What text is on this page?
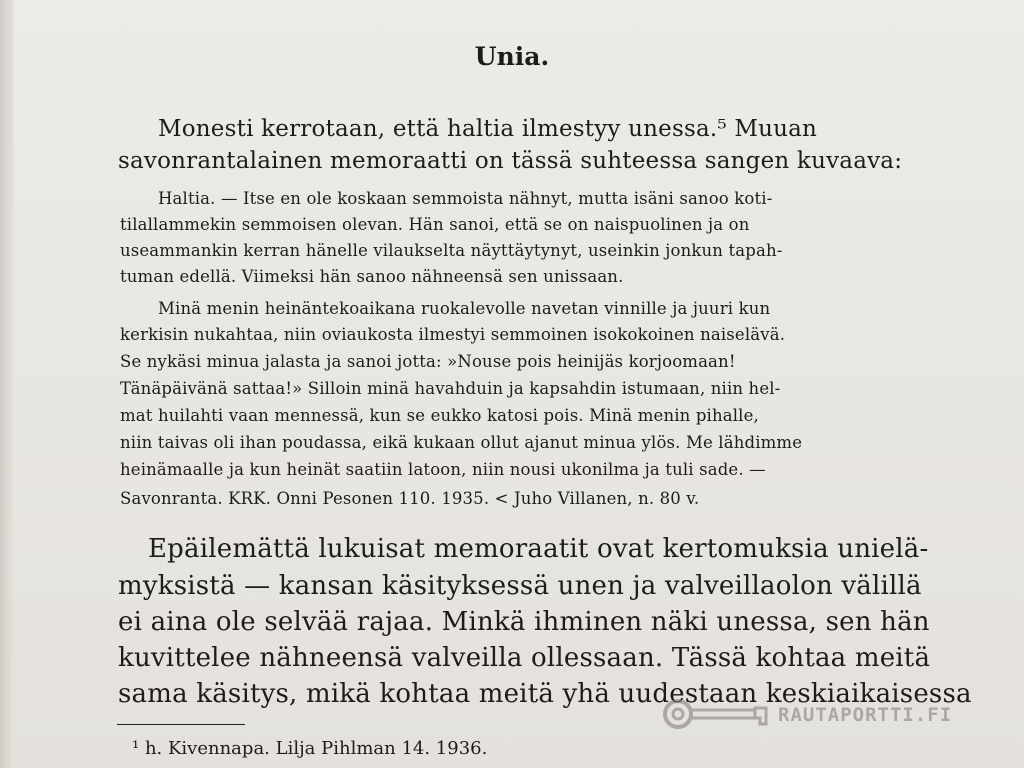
Unia.

Monesti kerrotaan, että haltia ilmestyy unessa.⁵ Muuan

savonrantalainen memoraatti on tässä suhteessa sangen kuvaava:

Haltia. — Itse en ole koskaan semmoista nähnyt, mutta isäni sanoo koti-

tilallammekin semmoisen olevan. Hän sanoi, että se on naispuolinen ja on

useammankin kerran hänelle vilaukselta näyttäytynyt, useinkin jonkun tapah-

tuman edellä. Viimeksi hän sanoo nähneensä sen unissaan.

Minä menin heinäntekoaikana ruokalevolle navetan vinnille ja juuri kun

kerkisin nukahtaa, niin oviaukosta ilmestyi semmoinen isokokoinen naiselävä.

Se nykäsi minua jalasta ja sanoi jotta: »Nouse pois heinijäs korjoomaan!

Tänäpäivänä sattaa!» Silloin minä havahduin ja kapsahdin istumaan, niin hel-

mat huilahti vaan mennessä, kun se eukko katosi pois. Minä menin pihalle,

niin taivas oli ihan poudassa, eikä kukaan ollut ajanut minua ylös. Me lähdimme

heinämaalle ja kun heinät saatiin latoon, niin nousi ukonilma ja tuli sade. —

Savonranta. KRK. Onni Pesonen 110. 1935. < Juho Villanen, n. 80 v.

Epäilemättä lukuisat memoraatit ovat kertomuksia unielä-

myksistä — kansan käsityksessä unen ja valveillaolon välillä

ei aina ole selvää rajaa. Minkä ihminen näki unessa, sen hän

kuvittelee nähneensä valveilla ollessaan. Tässä kohtaa meitä

sama käsitys, mikä kohtaa meitä yhä uudestaan keskiaikaisessa

¹ h. Kivennapa. Lilja Pihlman 14. 1936.

RAUTAPORTTI.FI
